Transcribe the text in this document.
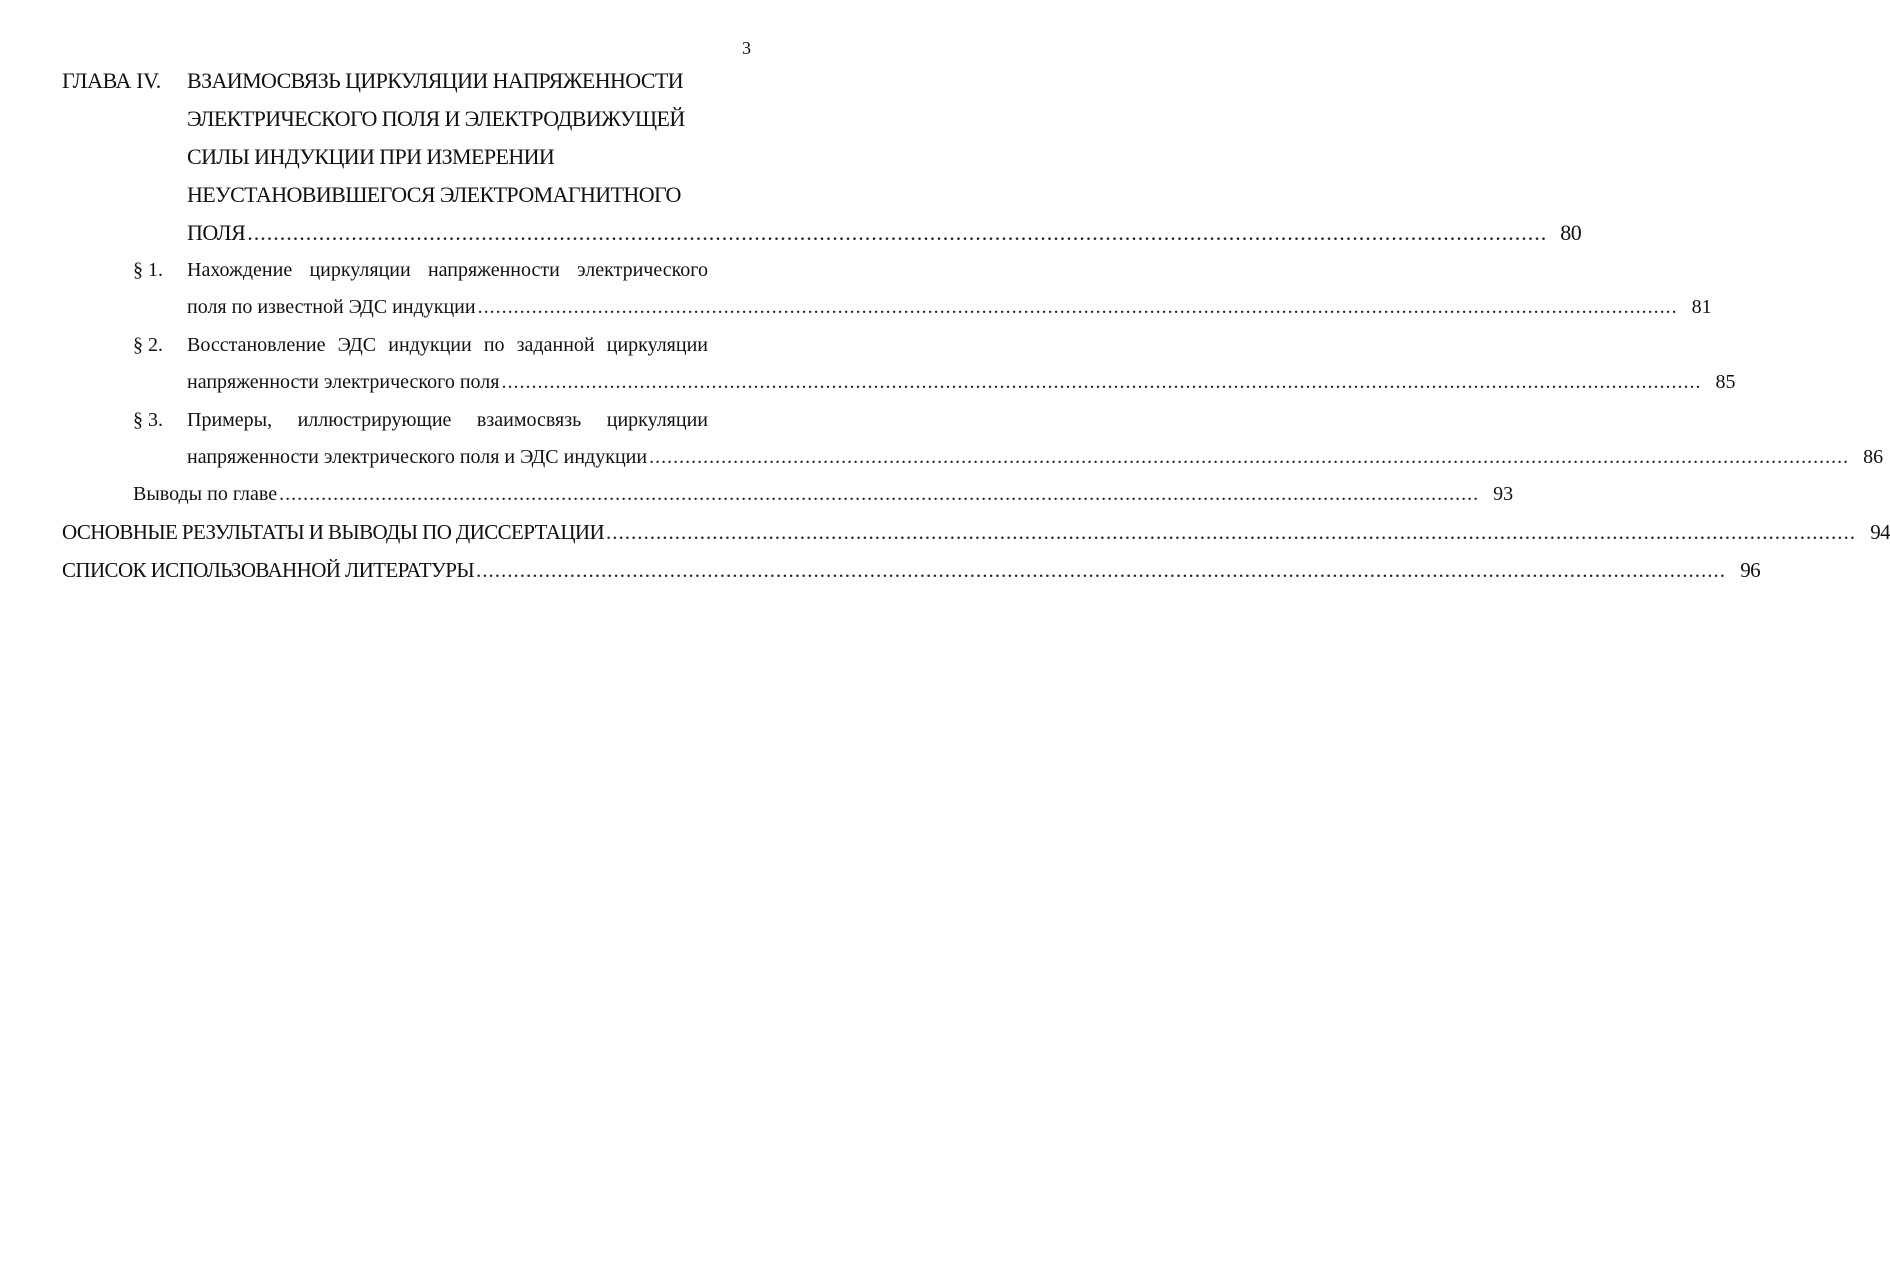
3
ГЛАВА IV. ВЗАИМОСВЯЗЬ ЦИРКУЛЯЦИИ НАПРЯЖЕННОСТИ
ЭЛЕКТРИЧЕСКОГО ПОЛЯ И ЭЛЕКТРОДВИЖУЩЕЙ
СИЛЫ ИНДУКЦИИ ПРИ ИЗМЕРЕНИИ
НЕУСТАНОВИВШЕГОСЯ ЭЛЕКТРОМАГНИТНОГО
ПОЛЯ ........................................................................................................................................................................................................ 80
§ 1. Нахождение циркуляции напряженности электрического
поля по известной ЭДС индукции ........................................................................................................................................................................................................ 81
§ 2. Восстановление ЭДС индукции по заданной циркуляции
напряженности электрического поля ........................................................................................................................................................................................................ 85
§ 3. Примеры, иллюстрирующие взаимосвязь циркуляции
напряженности электрического поля и ЭДС индукции ........................................................................................................................................................................................................ 86
Выводы по главе ........................................................................................................................................................................................................ 93
ОСНОВНЫЕ РЕЗУЛЬТАТЫ И ВЫВОДЫ ПО ДИССЕРТАЦИИ ........................................................................................................................................................................................................ 94
СПИСОК ИСПОЛЬЗОВАННОЙ ЛИТЕРАТУРЫ ........................................................................................................................................................................................................ 96
